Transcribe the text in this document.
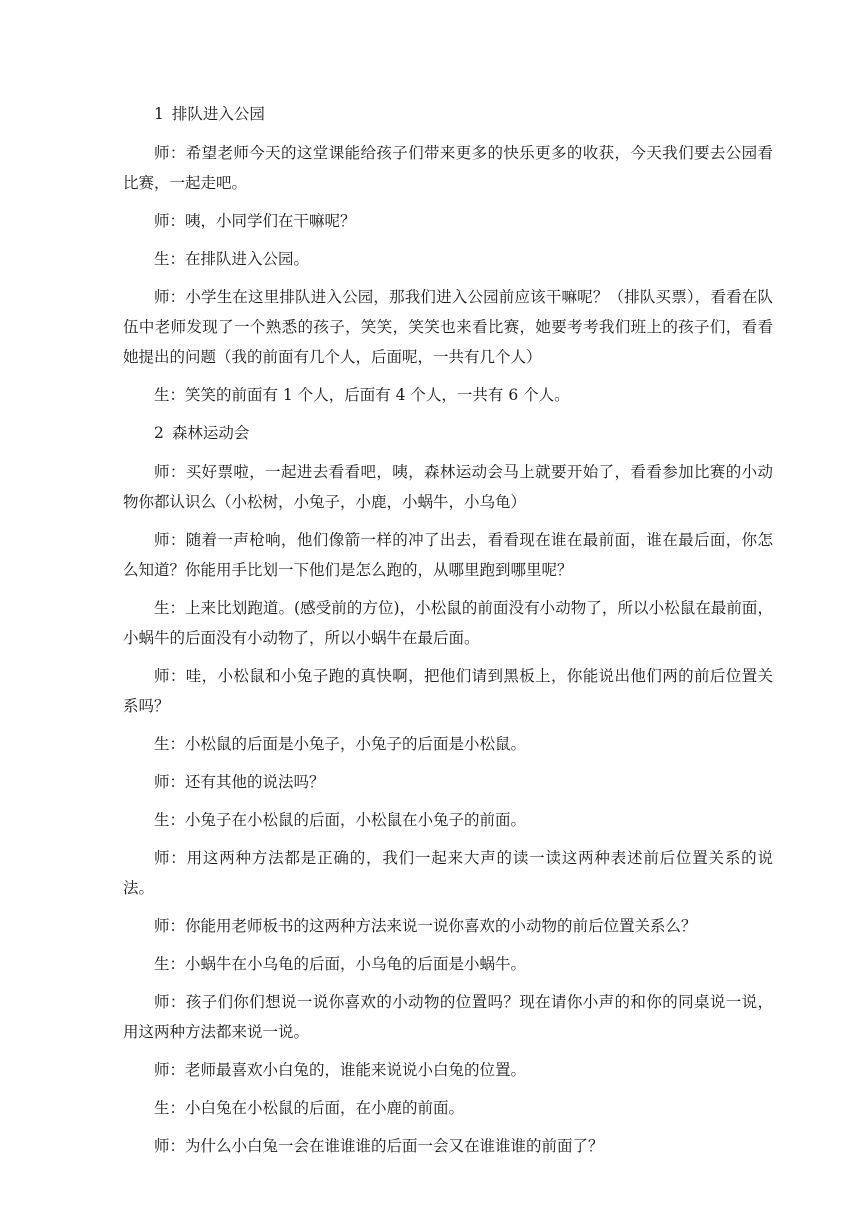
1 排队进入公园

师：希望老师今天的这堂课能给孩子们带来更多的快乐更多的收获，今天我们要去公园看比赛，一起走吧。

师：咦，小同学们在干嘛呢？

生：在排队进入公园。

师：小学生在这里排队进入公园，那我们进入公园前应该干嘛呢？（排队买票），看看在队伍中老师发现了一个熟悉的孩子，笑笑，笑笑也来看比赛，她要考考我们班上的孩子们，看看她提出的问题（我的前面有几个人，后面呢，一共有几个人）

生：笑笑的前面有 1 个人，后面有 4 个人，一共有 6 个人。

2 森林运动会

师：买好票啦，一起进去看看吧，咦，森林运动会马上就要开始了，看看参加比赛的小动物你都认识么（小松树，小兔子，小鹿，小蜗牛，小乌龟）

师：随着一声枪响，他们像箭一样的冲了出去，看看现在谁在最前面，谁在最后面，你怎么知道？你能用手比划一下他们是怎么跑的，从哪里跑到哪里呢？

生：上来比划跑道。(感受前的方位)，小松鼠的前面没有小动物了，所以小松鼠在最前面，小蜗牛的后面没有小动物了，所以小蜗牛在最后面。

师：哇，小松鼠和小兔子跑的真快啊，把他们请到黑板上，你能说出他们两的前后位置关系吗？

生：小松鼠的后面是小兔子，小兔子的后面是小松鼠。

师：还有其他的说法吗？

生：小兔子在小松鼠的后面，小松鼠在小兔子的前面。

师：用这两种方法都是正确的，我们一起来大声的读一读这两种表述前后位置关系的说法。

师：你能用老师板书的这两种方法来说一说你喜欢的小动物的前后位置关系么？

生：小蜗牛在小乌龟的后面，小乌龟的后面是小蜗牛。

师：孩子们你们想说一说你喜欢的小动物的位置吗？现在请你小声的和你的同桌说一说，用这两种方法都来说一说。

师：老师最喜欢小白兔的，谁能来说说小白兔的位置。

生：小白兔在小松鼠的后面，在小鹿的前面。

师：为什么小白兔一会在谁谁谁的后面一会又在谁谁谁的前面了？
